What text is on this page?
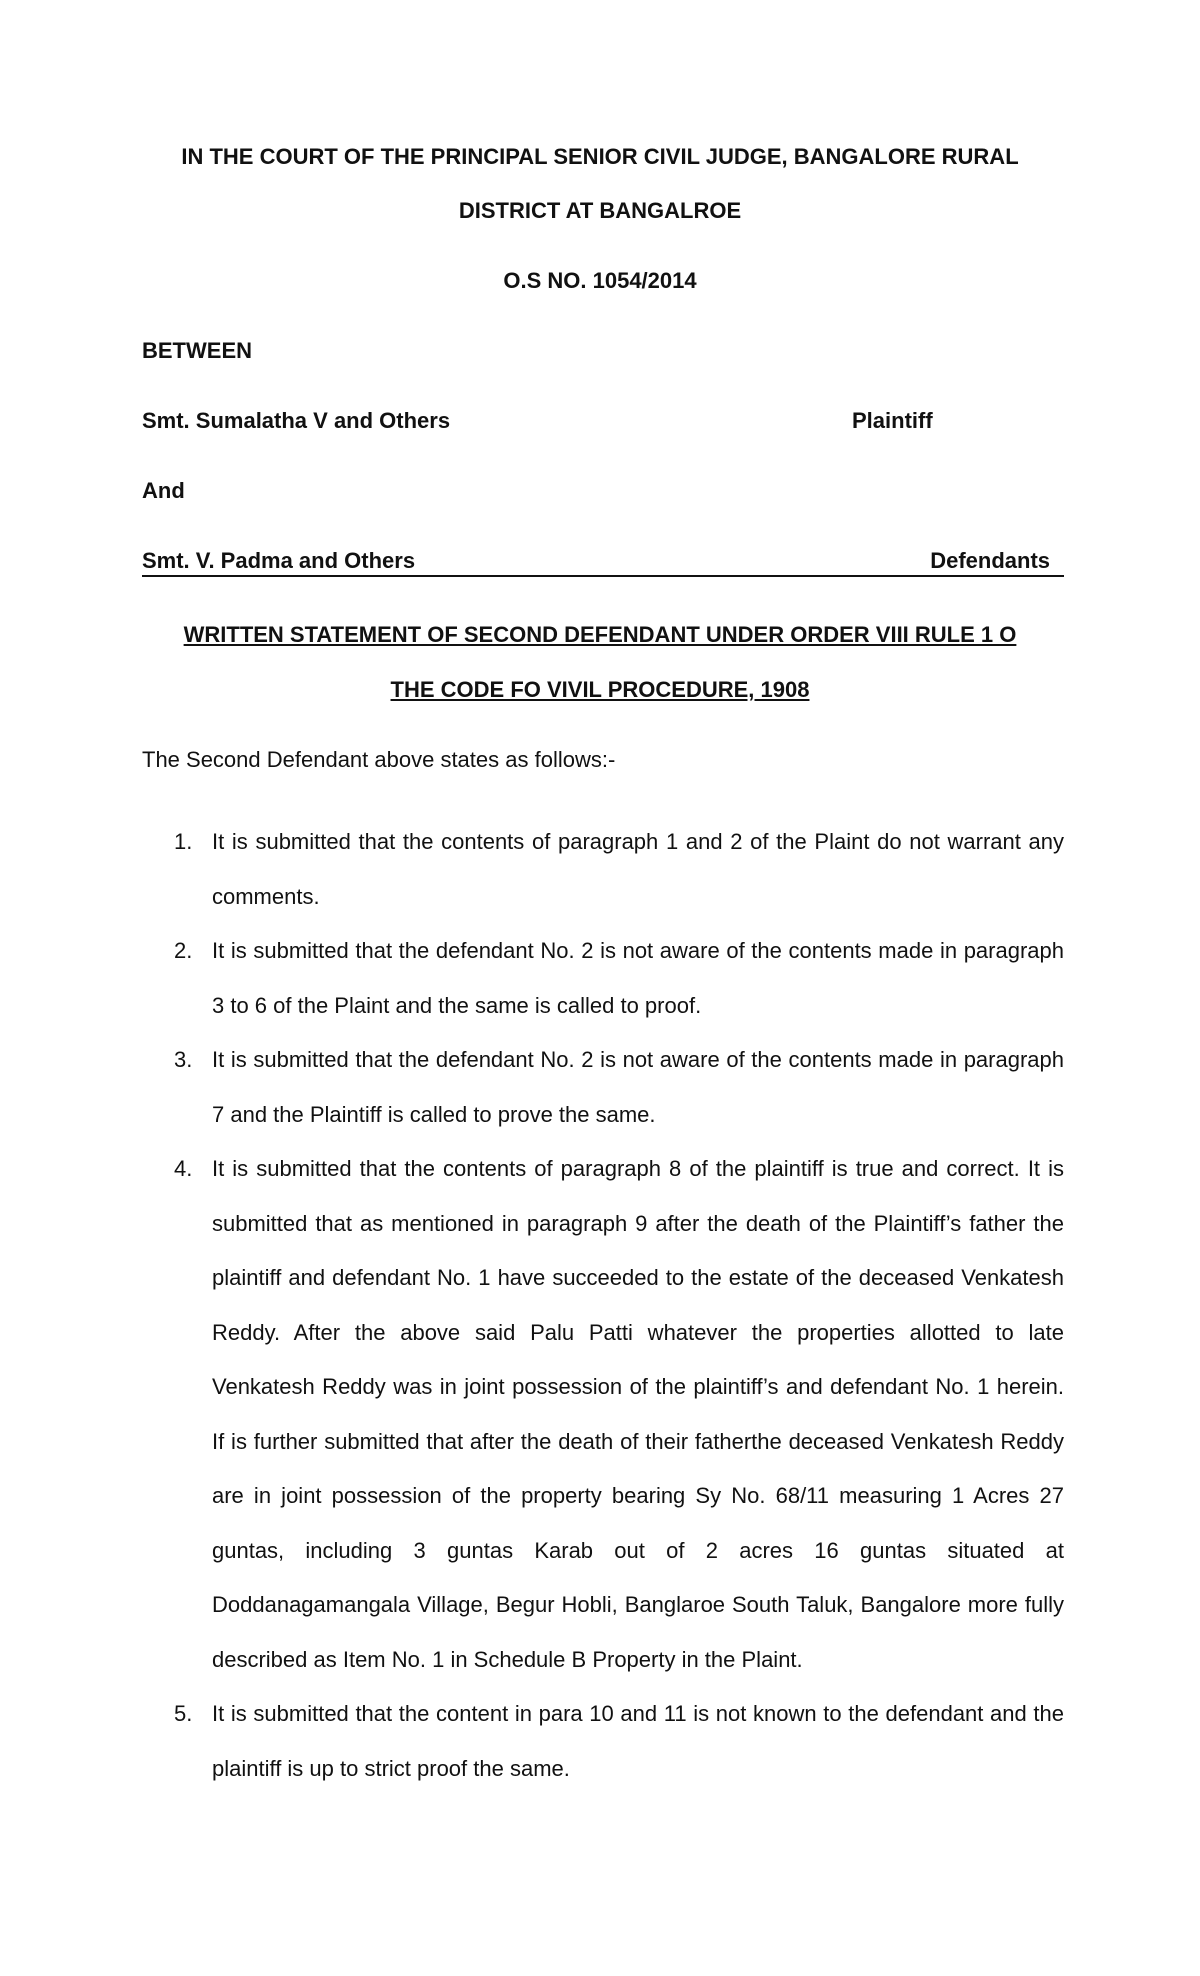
IN THE COURT OF THE PRINCIPAL SENIOR CIVIL JUDGE, BANGALORE RURAL
DISTRICT AT BANGALROE
O.S NO. 1054/2014
BETWEEN
Smt. Sumalatha V and Others	Plaintiff
And
Smt. V. Padma and Others	Defendants
WRITTEN STATEMENT OF SECOND DEFENDANT UNDER ORDER VIII RULE 1 O
THE CODE FO VIVIL PROCEDURE, 1908
The Second Defendant above states as follows:-
1. It is submitted that the contents of paragraph 1 and 2 of the Plaint do not warrant any comments.
2. It is submitted that the defendant No. 2 is not aware of the contents made in paragraph 3 to 6 of the Plaint and the same is called to proof.
3. It is submitted that the defendant No. 2 is not aware of the contents made in paragraph 7 and the Plaintiff is called to prove the same.
4. It is submitted that the contents of paragraph 8 of the plaintiff is true and correct. It is submitted that as mentioned in paragraph 9 after the death of the Plaintiff’s father the plaintiff and defendant No. 1 have succeeded to the estate of the deceased Venkatesh Reddy. After the above said Palu Patti whatever the properties allotted to late Venkatesh Reddy was in joint possession of the plaintiff’s and defendant No. 1 herein. If is further submitted that after the death of their fatherthe deceased Venkatesh Reddy are in joint possession of the property bearing Sy No. 68/11 measuring 1 Acres 27 guntas, including 3 guntas Karab out of 2 acres 16 guntas situated at Doddanagamangala Village, Begur Hobli, Banglaroe South Taluk, Bangalore more fully described as Item No. 1 in Schedule B Property in the Plaint.
5. It is submitted that the content in para 10 and 11 is not known to the defendant and the plaintiff is up to strict proof the same.
